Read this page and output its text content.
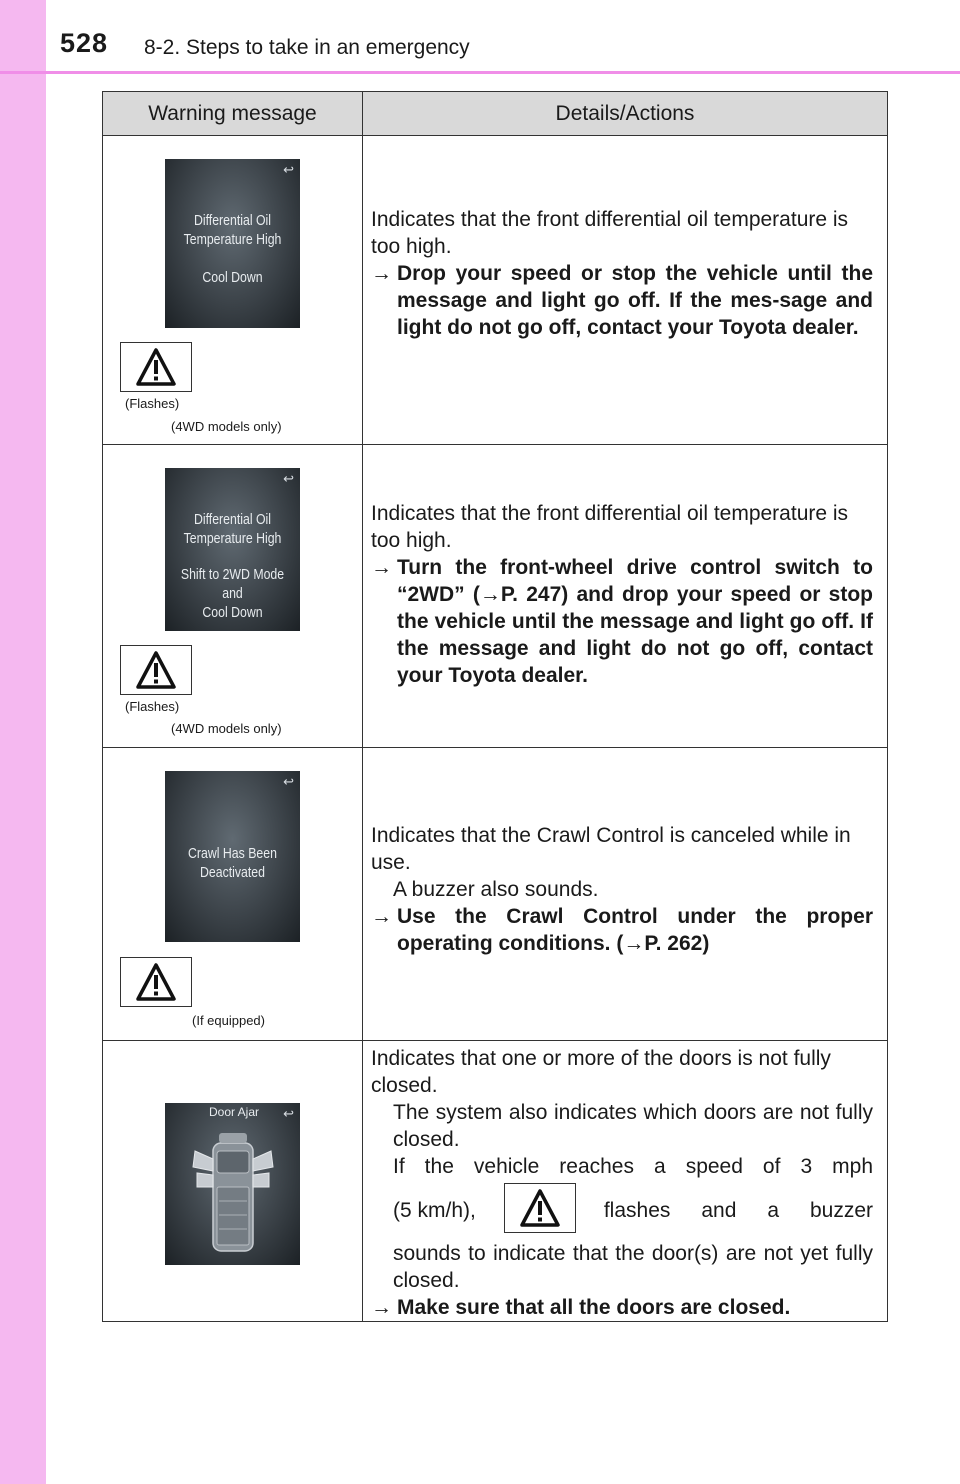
528 8-2. Steps to take in an emergency
Warning message	Details/Actions
↩
Differential Oil
Temperature High
Cool Down
(Flashes)
(4WD models only)

Indicates that the front differential oil temperature is too high.

→ Drop your speed or stop the vehicle until the message and light go off. If the mes-sage and light do not go off, contact your Toyota dealer.
↩
Differential Oil
Temperature High
Shift to 2WD Mode and
Cool Down
(Flashes)
(4WD models only)

Indicates that the front differential oil temperature is too high.

→ Turn the front-wheel drive control switch to “2WD” (→P. 247) and drop your speed or stop the vehicle until the message and light go off. If the message and light do not go off, contact your Toyota dealer.
↩
Crawl Has Been
Deactivated
(If equipped)

Indicates that the Crawl Control is canceled while in use.

A buzzer also sounds.

→ Use the Crawl Control under the proper operating conditions. (→P. 262)
Door Ajar ↩

Indicates that one or more of the doors is not fully closed.

The system also indicates which doors are not fully closed.

If the vehicle reaches a speed of 3 mph

(5 km/h),	flashes and a buzzer

sounds to indicate that the door(s) are not yet fully closed.

→ Make sure that all the doors are closed.
